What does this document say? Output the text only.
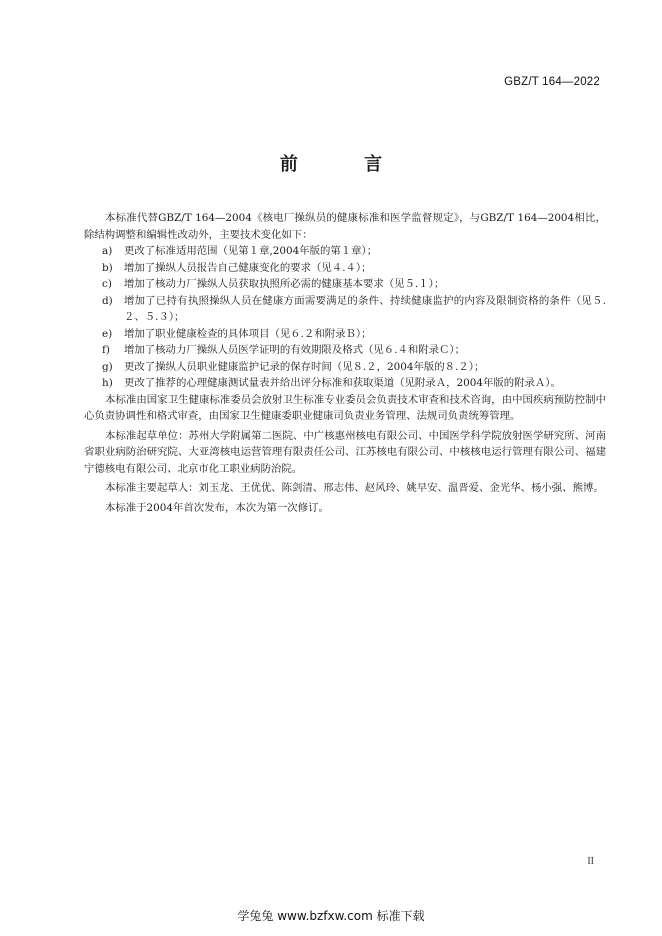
GBZ/T 164—2022
前 言

本标准代替GBZ/T 164—2004《核电厂操纵员的健康标准和医学监督规定》，与GBZ/T 164—2004相比，除结构调整和编辑性改动外，主要技术变化如下：

a) 更改了标准适用范围（见第１章,2004年版的第１章）；
b) 增加了操纵人员报告自己健康变化的要求（见４.４）；
c) 增加了核动力厂操纵人员获取执照所必需的健康基本要求（见５.１）；
d) 增加了已持有执照操纵人员在健康方面需要满足的条件、持续健康监护的内容及限制资格的条件（见５.２、５.３）；
e) 增加了职业健康检查的具体项目（见６.２和附录Ｂ）；
f) 增加了核动力厂操纵人员医学证明的有效期限及格式（见６.４和附录Ｃ）；
g) 更改了操纵人员职业健康监护记录的保存时间（见８.２，2004年版的８.２）；
h) 更改了推荐的心理健康测试量表并给出评分标准和获取渠道（见附录Ａ，2004年版的附录Ａ）。

本标准由国家卫生健康标准委员会放射卫生标准专业委员会负责技术审查和技术咨询，由中国疾病预防控制中心负责协调性和格式审查，由国家卫生健康委职业健康司负责业务管理、法规司负责统筹管理。

本标准起草单位：苏州大学附属第二医院、中广核惠州核电有限公司、中国医学科学院放射医学研究所、河南省职业病防治研究院、大亚湾核电运营管理有限责任公司、江苏核电有限公司、中核核电运行管理有限公司、福建宁德核电有限公司、北京市化工职业病防治院。

本标准主要起草人：刘玉龙、王优优、陈剑清、邢志伟、赵风玲、姚早安、温晋爱、金光华、杨小强、熊博。

本标准于2004年首次发布，本次为第一次修订。

II
学兔兔 www.bzfxw.com 标准下载
